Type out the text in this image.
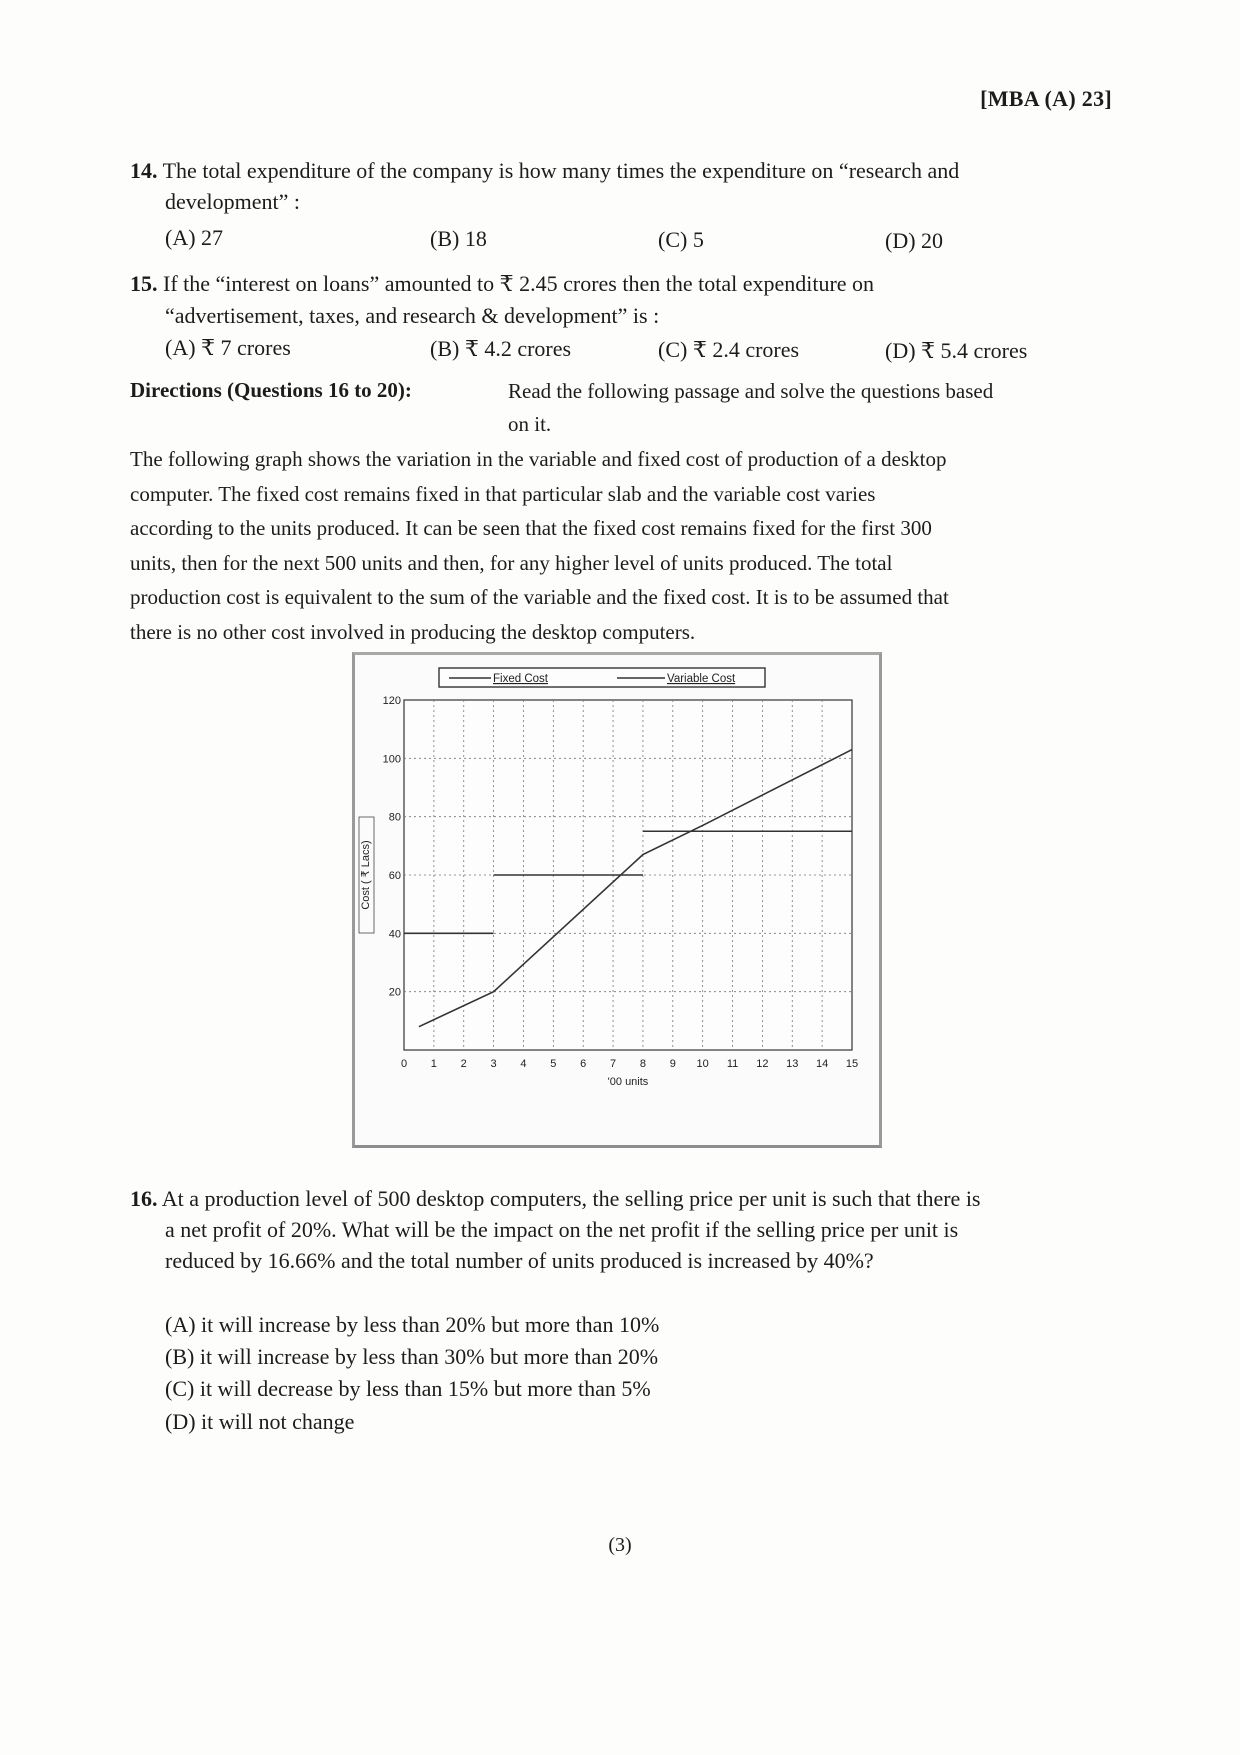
[MBA (A) 23]
14. The total expenditure of the company is how many times the expenditure on “research and
development” :
(A) 27	(B) 18	(C) 5	(D) 20
15. If the “interest on loans” amounted to ₹ 2.45 crores then the total expenditure on
“advertisement, taxes, and research & development” is :
(A) ₹ 7 crores	(B) ₹ 4.2 crores	(C) ₹ 2.4 crores	(D) ₹ 5.4 crores
Directions (Questions 16 to 20):	Read the following passage and solve the questions based
on it.
The following graph shows the variation in the variable and fixed cost of production of a desktop
computer. The fixed cost remains fixed in that particular slab and the variable cost varies
according to the units produced. It can be seen that the fixed cost remains fixed for the first 300
units, then for the next 500 units and then, for any higher level of units produced. The total
production cost is equivalent to the sum of the variable and the fixed cost. It is to be assumed that
there is no other cost involved in producing the desktop computers.
20
40
60
80
100
120
0 1 2 3 4 5 6 7 8 9 10 11 12 13 14 15
'00 units
Cost ( ₹ Lacs)
Fixed Cost	Variable Cost
16. At a production level of 500 desktop computers, the selling price per unit is such that there is
a net profit of 20%. What will be the impact on the net profit if the selling price per unit is
reduced by 16.66% and the total number of units produced is increased by 40%?
(A) it will increase by less than 20% but more than 10%
(B) it will increase by less than 30% but more than 20%
(C) it will decrease by less than 15% but more than 5%
(D) it will not change
(3)
